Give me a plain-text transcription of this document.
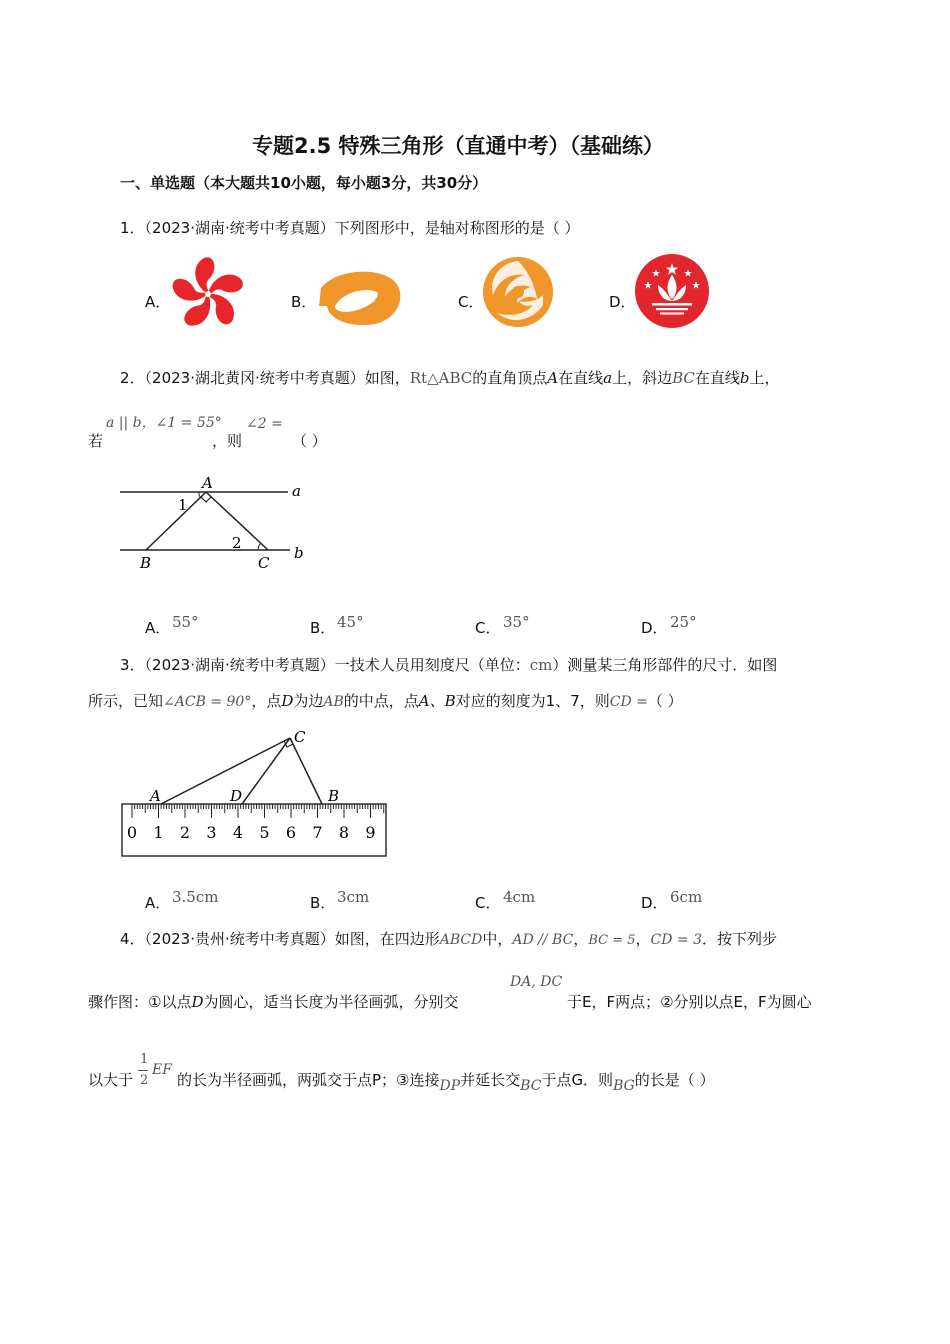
专题2.5 特殊三角形（直通中考）（基础练）
一、单选题（本大题共10小题，每小题3分，共30分）
1．（2023·湖南·统考中考真题）下列图形中，是轴对称图形的是（ ）
A．	B．	C．	D．
2．（2023·湖北黄冈·统考中考真题）如图，Rt△ABC的直角顶点A在直线a上，斜边BC在直线b上，
若
a || b，∠1 = 55°
，则
∠2 =
（ ）
A	a
b
B	C
1
2
A． 55°	B． 45°	C． 35°	D． 25°
3．（2023·湖南·统考中考真题）一技术人员用刻度尺（单位：cm）测量某三角形部件的尺寸．如图
所示，已知∠ACB = 90°，点D为边AB的中点，点A、B对应的刻度为1、7，则CD =（ ）
0 1 2 3 4 5 6 7 8 9
A	D	B
C
A． 3.5cm	B． 3cm	C． 4cm	D． 6cm
4．（2023·贵州·统考中考真题）如图，在四边形ABCD中，AD // BC，BC = 5，CD = 3．按下列步
骤作图：①以点D为圆心，适当长度为半径画弧，分别交
DA, DC
于E，F两点；②分别以点E，F为圆心
以大于
1
2
EF
的长为半径画弧，两弧交于点P；③连接DP并延长交BC于点G．则BG的长是（ ）
